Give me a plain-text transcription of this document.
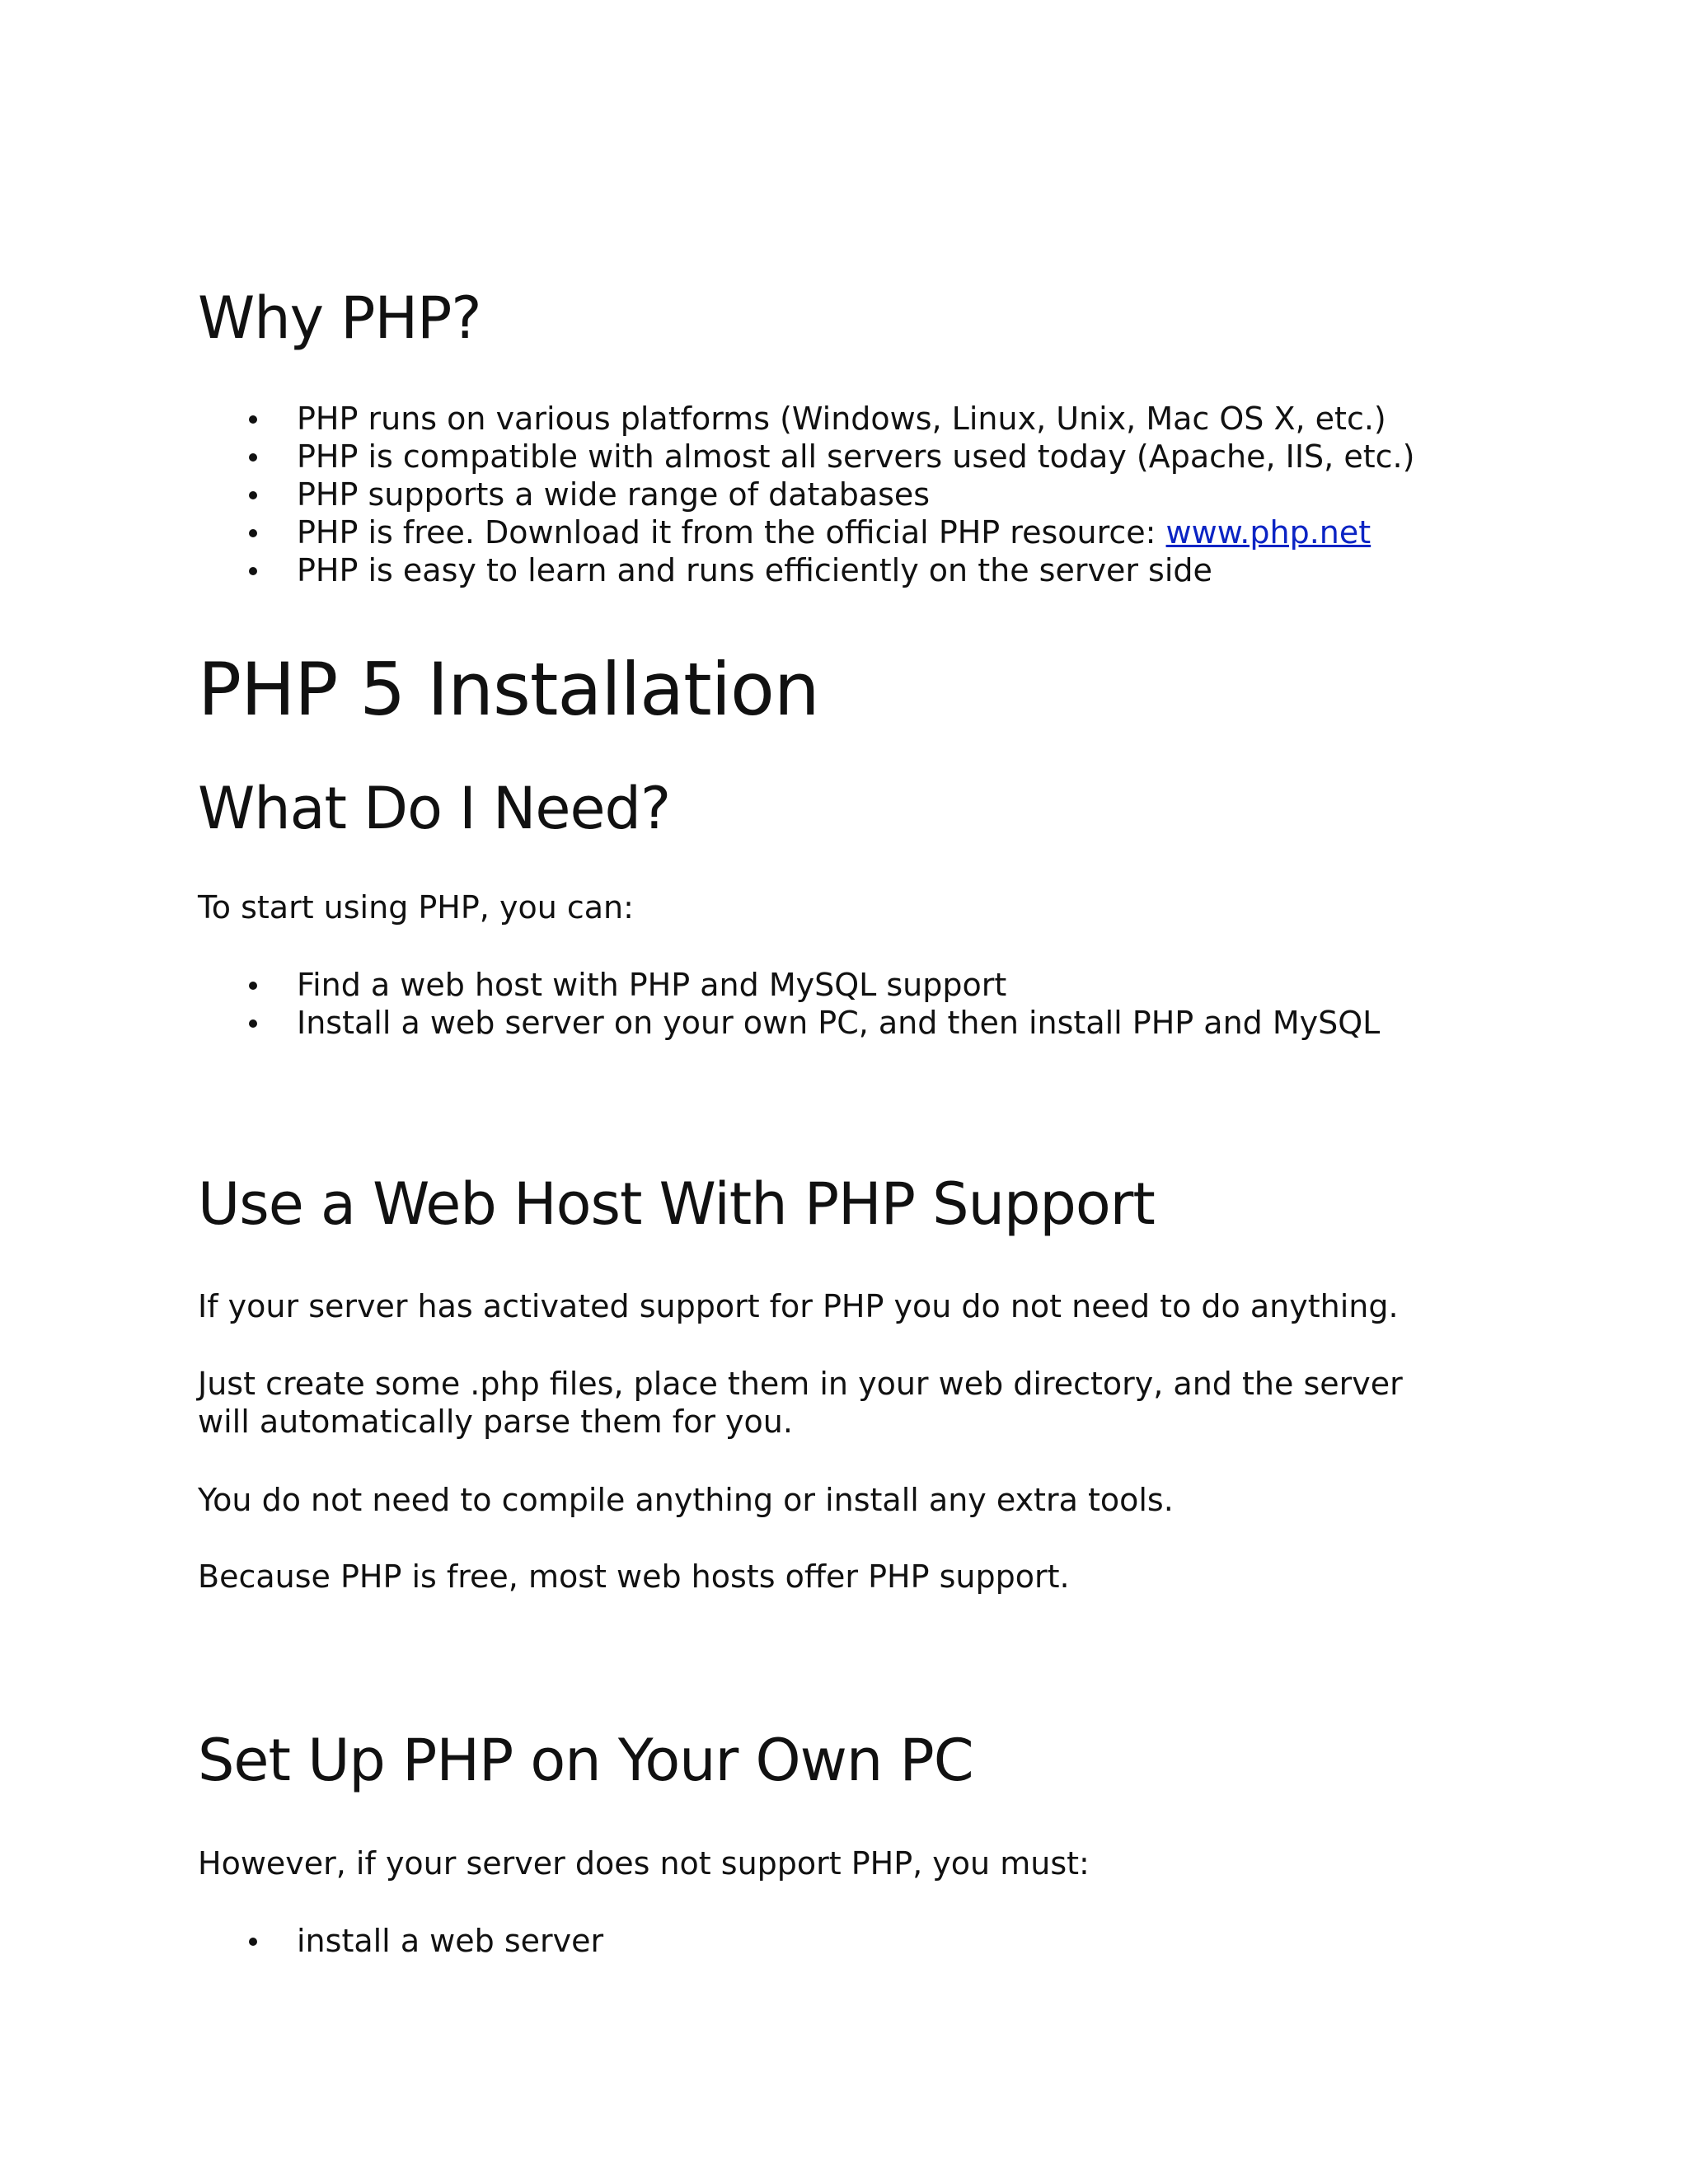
Why PHP?
PHP runs on various platforms (Windows, Linux, Unix, Mac OS X, etc.)
PHP is compatible with almost all servers used today (Apache, IIS, etc.)
PHP supports a wide range of databases
PHP is free. Download it from the official PHP resource: www.php.net
PHP is easy to learn and runs efficiently on the server side
PHP 5 Installation
What Do I Need?

To start using PHP, you can:

Find a web host with PHP and MySQL support
Install a web server on your own PC, and then install PHP and MySQL
Use a Web Host With PHP Support

If your server has activated support for PHP you do not need to do anything.

Just create some .php files, place them in your web directory, and the server will automatically parse them for you.

You do not need to compile anything or install any extra tools.

Because PHP is free, most web hosts offer PHP support.

Set Up PHP on Your Own PC

However, if your server does not support PHP, you must:

install a web server
